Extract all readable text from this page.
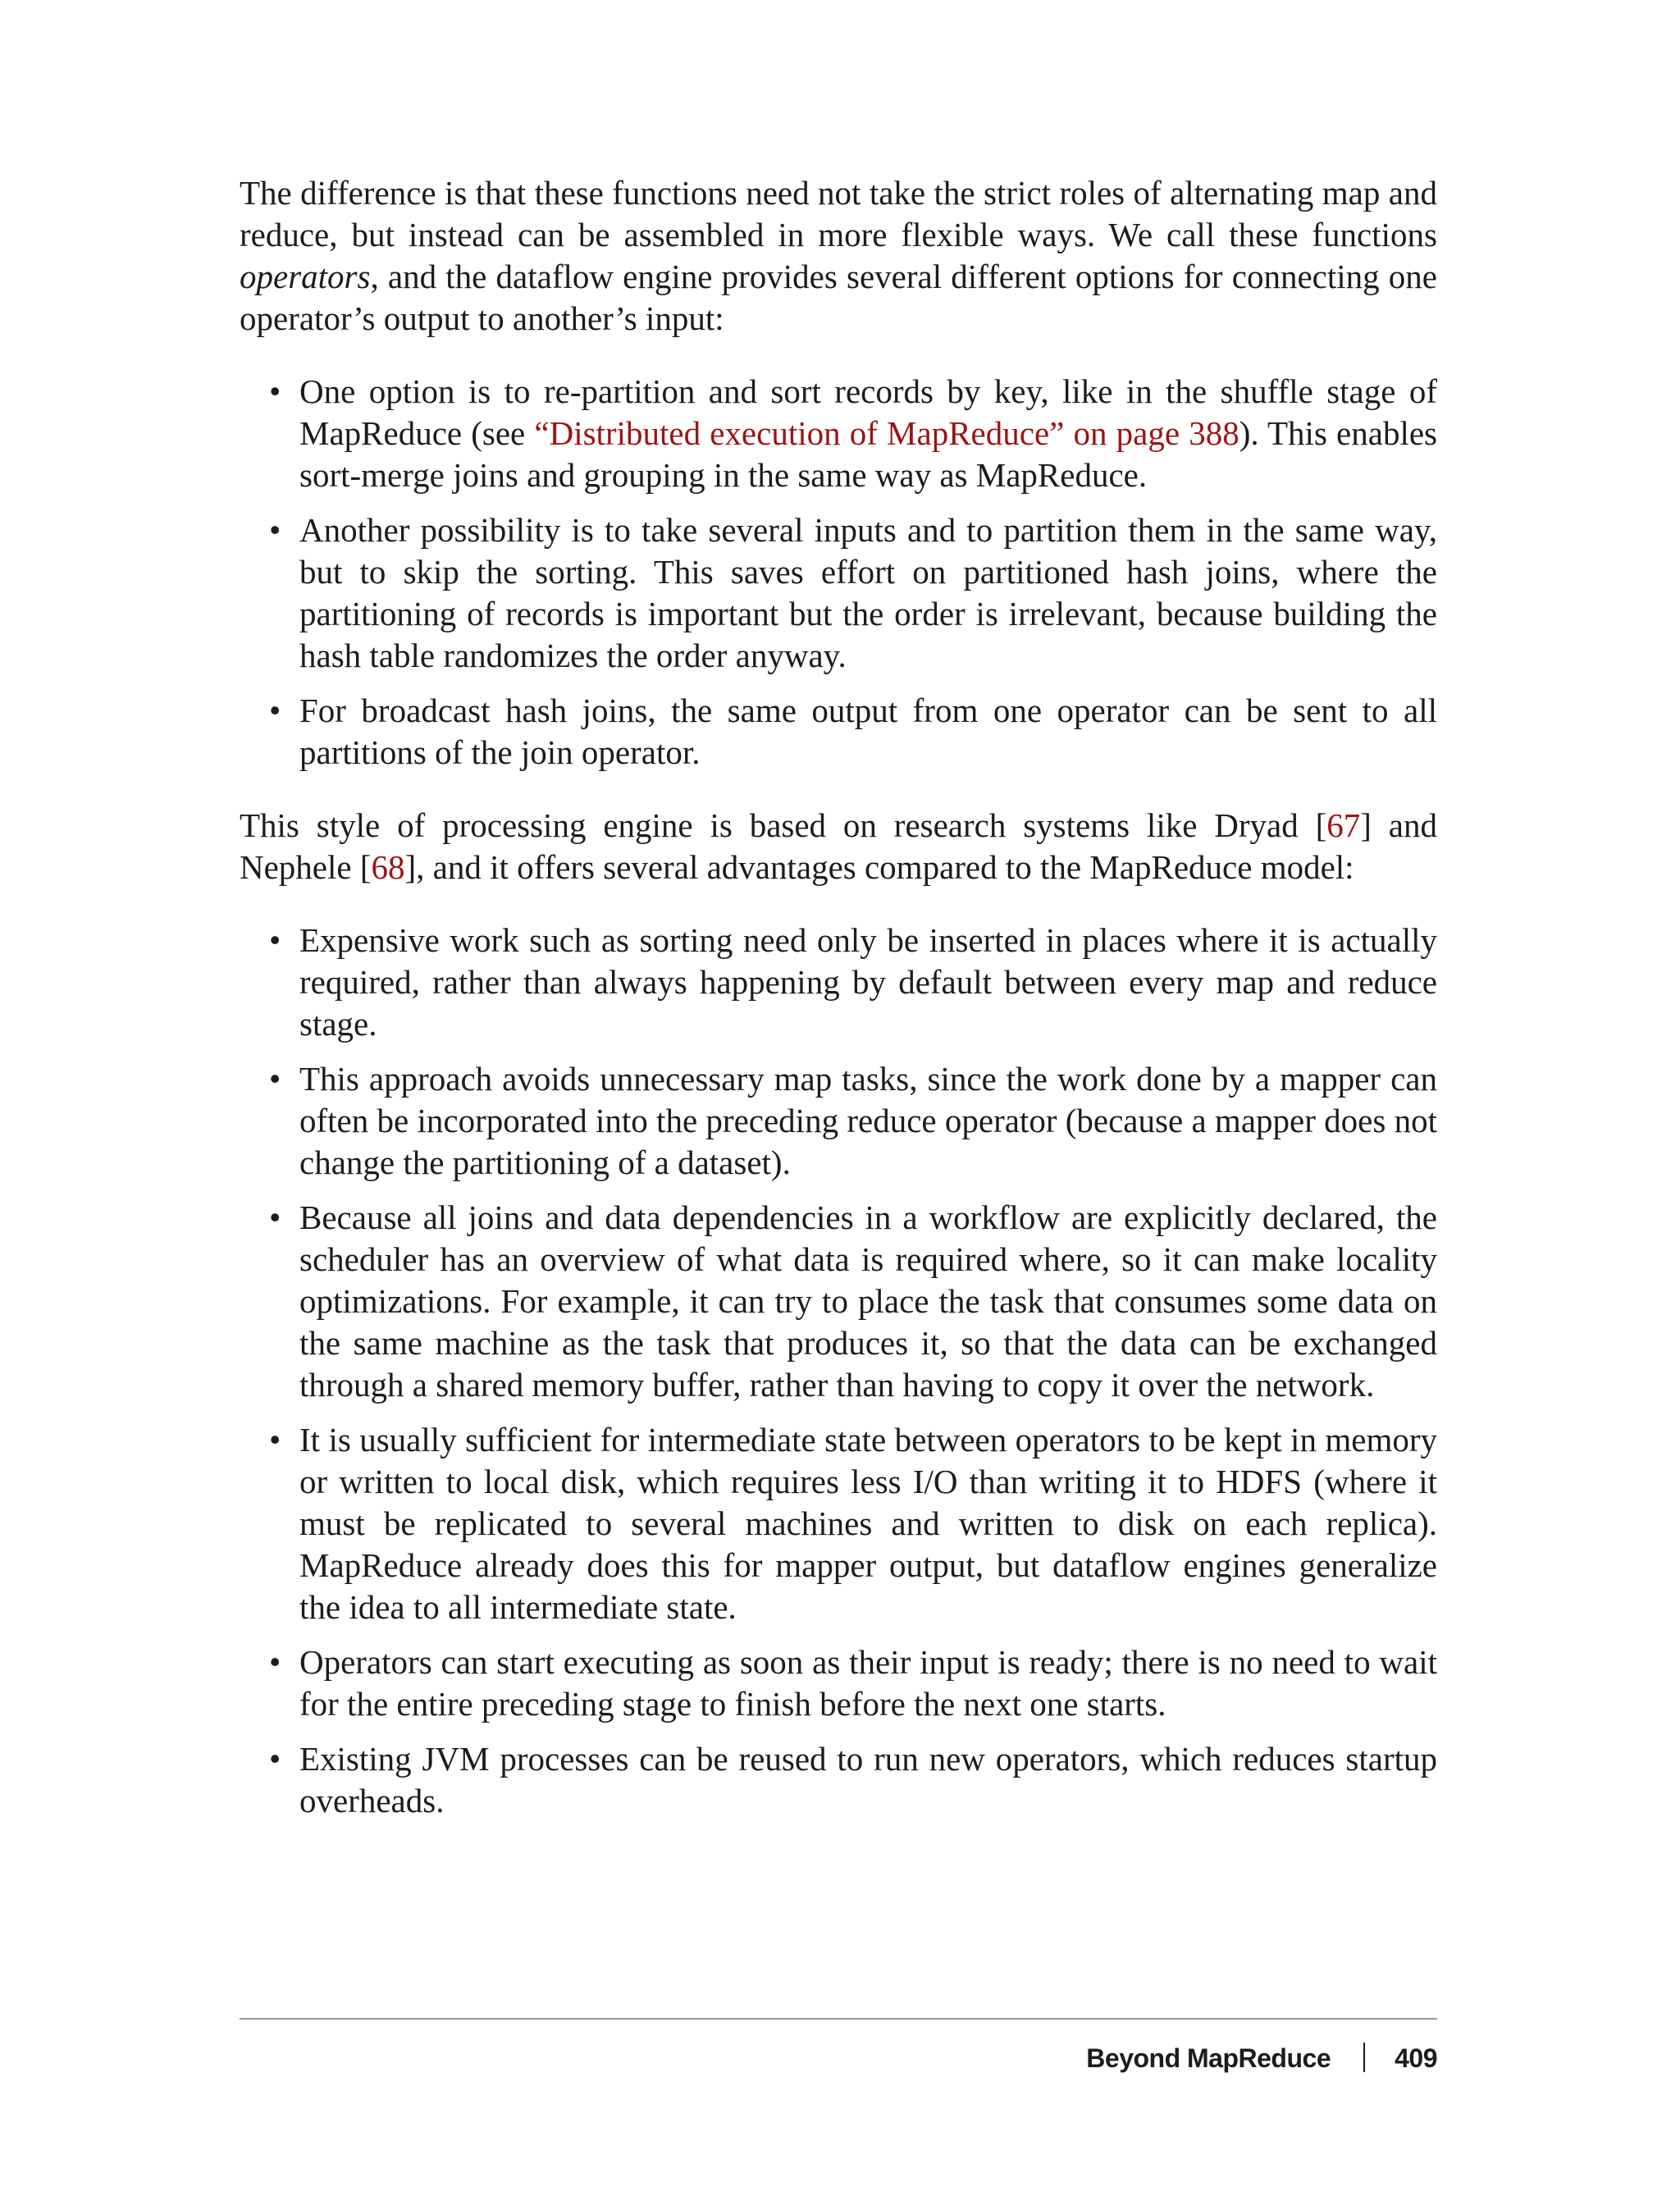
The difference is that these functions need not take the strict roles of alternating map and reduce, but instead can be assembled in more flexible ways. We call these functions operators, and the dataflow engine provides several different options for connecting one operator’s output to another’s input:

• One option is to re-partition and sort records by key, like in the shuffle stage of MapReduce (see “Distributed execution of MapReduce” on page 388). This enables sort-merge joins and grouping in the same way as MapReduce.
• Another possibility is to take several inputs and to partition them in the same way, but to skip the sorting. This saves effort on partitioned hash joins, where the partitioning of records is important but the order is irrelevant, because building the hash table randomizes the order anyway.
• For broadcast hash joins, the same output from one operator can be sent to all partitions of the join operator.

This style of processing engine is based on research systems like Dryad [67] and Nephele [68], and it offers several advantages compared to the MapReduce model:

• Expensive work such as sorting need only be inserted in places where it is actually required, rather than always happening by default between every map and reduce stage.
• This approach avoids unnecessary map tasks, since the work done by a mapper can often be incorporated into the preceding reduce operator (because a mapper does not change the partitioning of a dataset).
• Because all joins and data dependencies in a workflow are explicitly declared, the scheduler has an overview of what data is required where, so it can make locality optimizations. For example, it can try to place the task that consumes some data on the same machine as the task that produces it, so that the data can be exchanged through a shared memory buffer, rather than having to copy it over the network.
• It is usually sufficient for intermediate state between operators to be kept in memory or written to local disk, which requires less I/O than writing it to HDFS (where it must be replicated to several machines and written to disk on each replica). MapReduce already does this for mapper output, but dataflow engines generalize the idea to all intermediate state.
• Operators can start executing as soon as their input is ready; there is no need to wait for the entire preceding stage to finish before the next one starts.
• Existing JVM processes can be reused to run new operators, which reduces startup overheads.
Beyond MapReduce 409
